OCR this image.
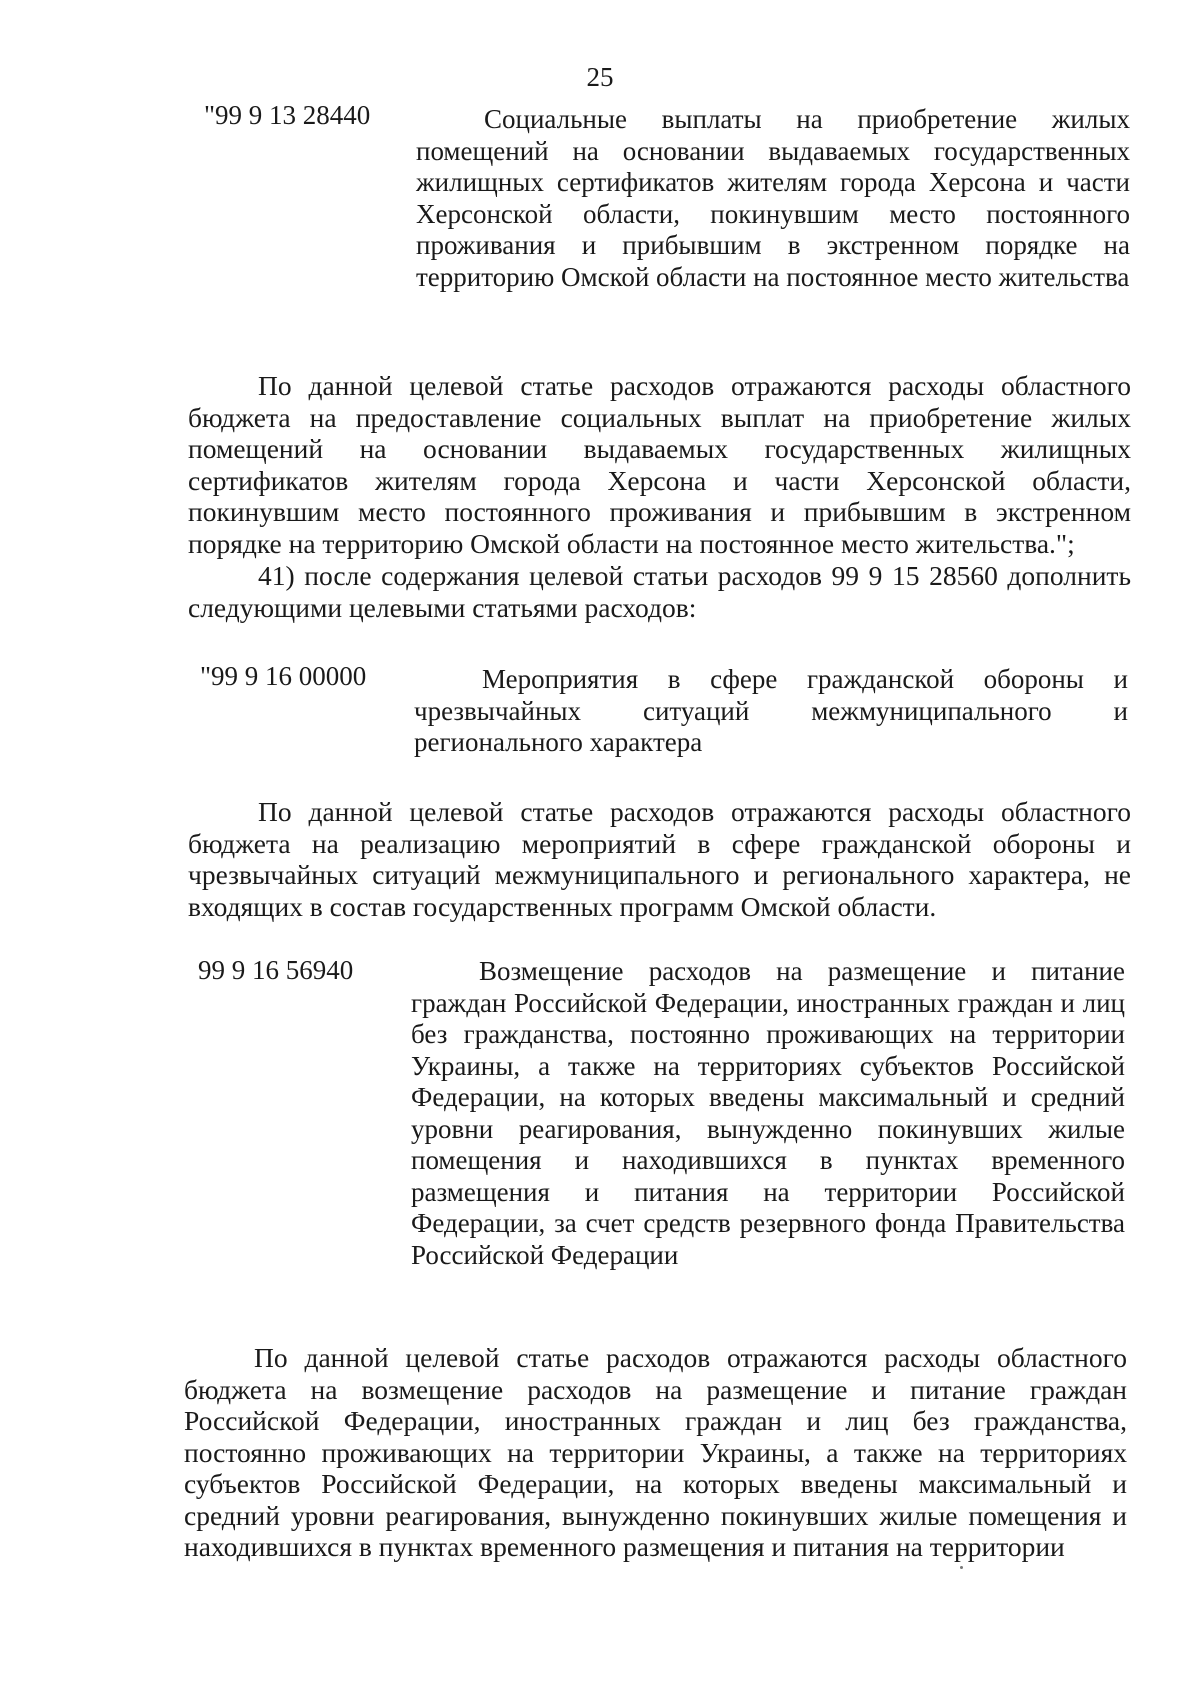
25
"99 9 13 28440	Социальные выплаты на приобретение жилых помещений на основании выдаваемых государственных жилищных сертификатов жителям города Херсона и части Херсонской области, покинувшим место постоянного проживания и прибывшим в экстренном порядке на территорию Омской области на постоянное место жительства

По данной целевой статье расходов отражаются расходы областного бюджета на предоставление социальных выплат на приобретение жилых помещений на основании выдаваемых государственных жилищных сертификатов жителям города Херсона и части Херсонской области, покинувшим место постоянного проживания и прибывшим в экстренном порядке на территорию Омской области на постоянное место жительства.";

41) после содержания целевой статьи расходов 99 9 15 28560 дополнить следующими целевыми статьями расходов:

"99 9 16 00000	Мероприятия в сфере гражданской обороны и чрезвычайных ситуаций межмуниципального и регионального характера

По данной целевой статье расходов отражаются расходы областного бюджета на реализацию мероприятий в сфере гражданской обороны и чрезвычайных ситуаций межмуниципального и регионального характера, не входящих в состав государственных программ Омской области.

99 9 16 56940	Возмещение расходов на размещение и питание граждан Российской Федерации, иностранных граждан и лиц без гражданства, постоянно проживающих на территории Украины, а также на территориях субъектов Российской Федерации, на которых введены максимальный и средний уровни реагирования, вынужденно покинувших жилые помещения и находившихся в пунктах временного размещения и питания на территории Российской Федерации, за счет средств резервного фонда Правительства Российской Федерации

По данной целевой статье расходов отражаются расходы областного бюджета на возмещение расходов на размещение и питание граждан Российской Федерации, иностранных граждан и лиц без гражданства, постоянно проживающих на территории Украины, а также на территориях субъектов Российской Федерации, на которых введены максимальный и средний уровни реагирования, вынужденно покинувших жилые помещения и находившихся в пунктах временного размещения и питания на территории
